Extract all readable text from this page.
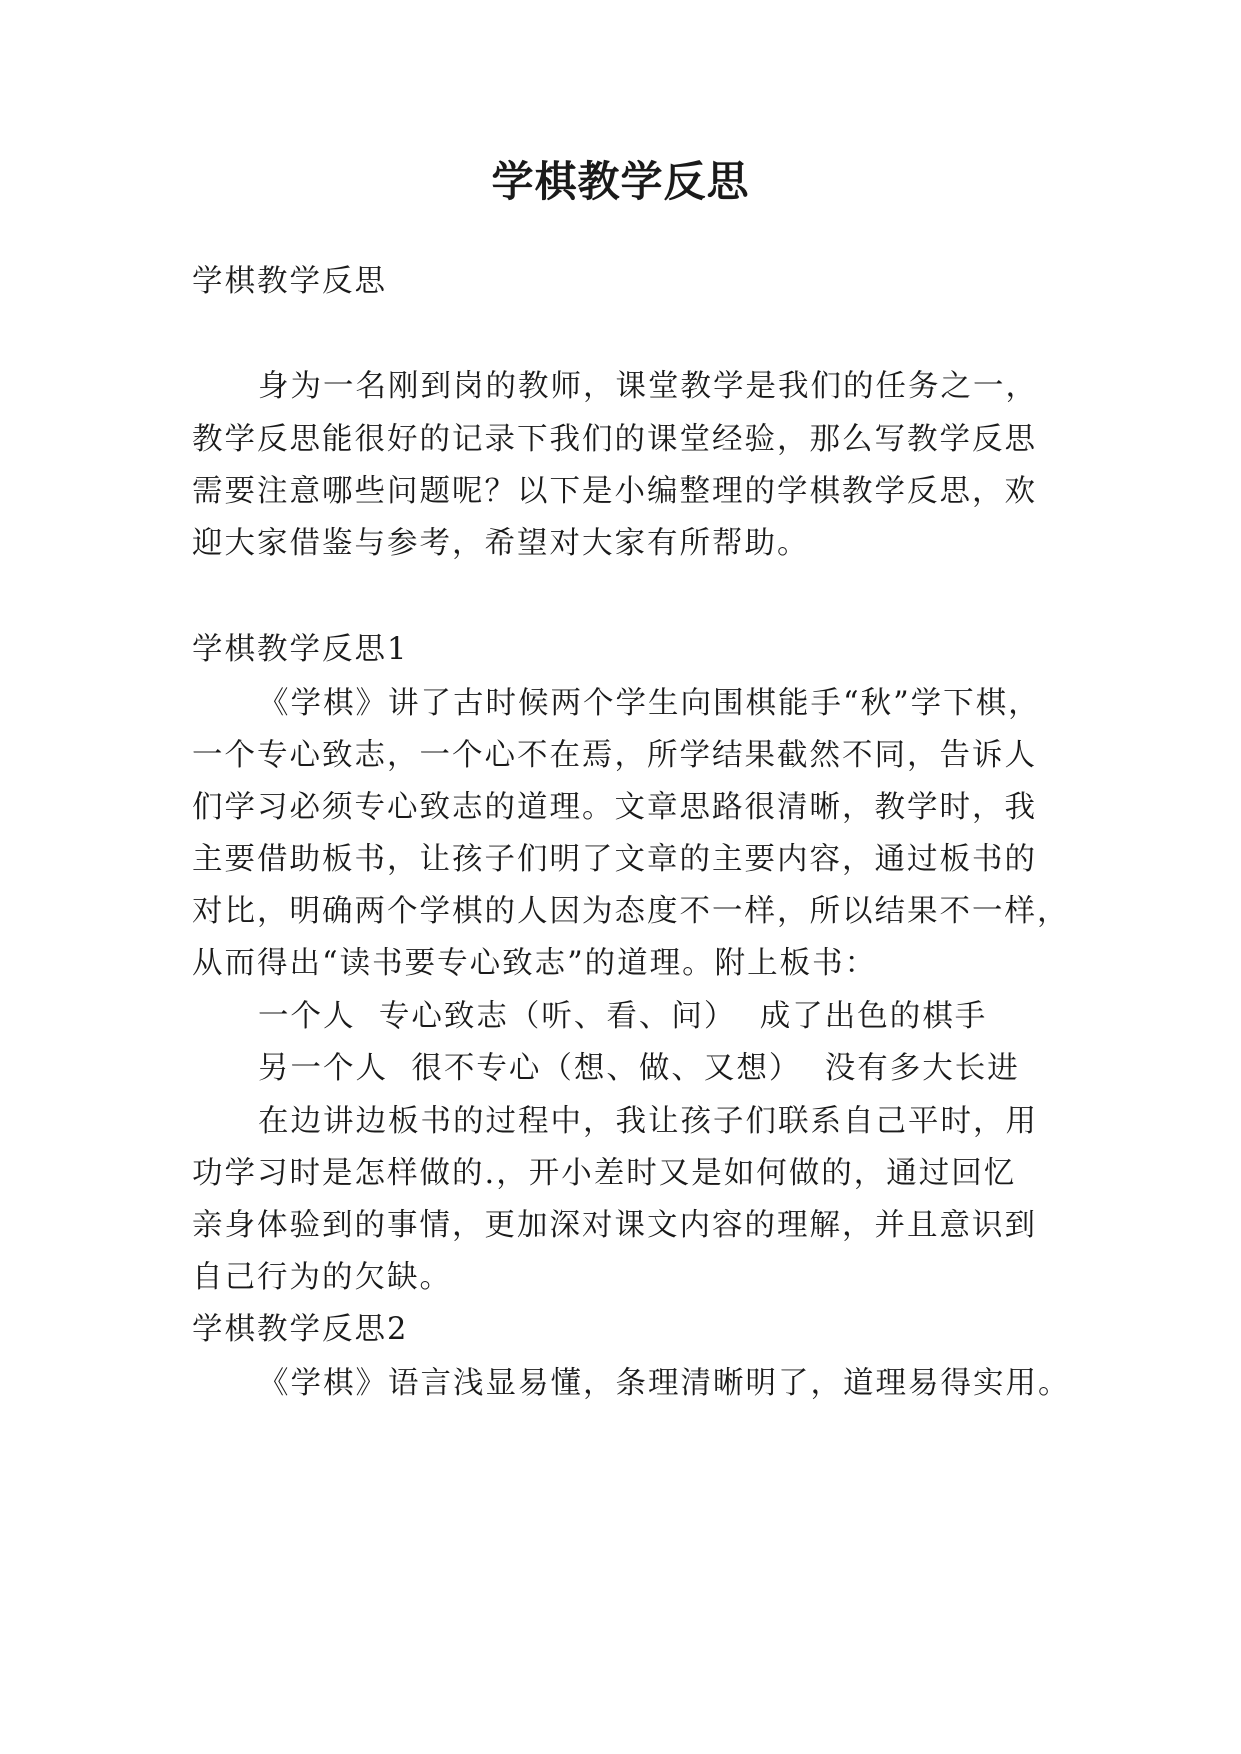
学棋教学反思

学棋教学反思

身为一名刚到岗的教师，课堂教学是我们的任务之一，

教学反思能很好的记录下我们的课堂经验，那么写教学反思

需要注意哪些问题呢？以下是小编整理的学棋教学反思，欢

迎大家借鉴与参考，希望对大家有所帮助。

学棋教学反思1

《学棋》讲了古时候两个学生向围棋能手“秋”学下棋，

一个专心致志，一个心不在焉，所学结果截然不同，告诉人

们学习必须专心致志的道理。文章思路很清晰，教学时，我

主要借助板书，让孩子们明了文章的主要内容，通过板书的

对比，明确两个学棋的人因为态度不一样，所以结果不一样，

从而得出“读书要专心致志”的道理。附上板书：

一个人  专心致志（听、看、问）  成了出色的棋手

另一个人  很不专心（想、做、又想）  没有多大长进

在边讲边板书的过程中，我让孩子们联系自己平时，用

功学习时是怎样做的.，开小差时又是如何做的，通过回忆

亲身体验到的事情，更加深对课文内容的理解，并且意识到

自己行为的欠缺。

学棋教学反思2

《学棋》语言浅显易懂，条理清晰明了，道理易得实用。
